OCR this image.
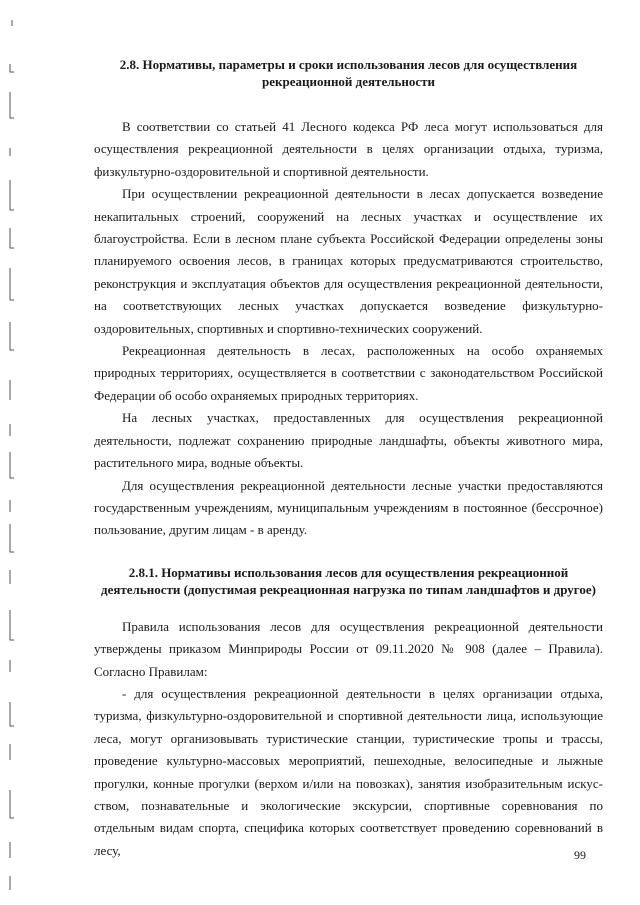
2.8. Нормативы, параметры и сроки использования лесов для осуществления рекреационной деятельности

В соответствии со статьей 41 Лесного кодекса РФ леса могут использоваться для осуществления рекреационной деятельности в целях организации отдыха, туризма, физкультурно-оздоровительной и спортивной деятельности.

При осуществлении рекреационной деятельности в лесах допускается возведение некапитальных строений, сооружений на лесных участках и осуществление их благоустройства. Если в лесном плане субъекта Российской Федерации определены зоны планируемого освоения лесов, в границах которых предусматриваются строительство, реконструкция и эксплуатация объектов для осуществления рекреационной деятельности, на соответствующих лесных участках допускается возведение физкультурно-оздоровительных, спортивных и спортивно-технических сооружений.

Рекреационная деятельность в лесах, расположенных на особо охраняемых природных территориях, осуществляется в соответствии с законодательством Российской Федерации об особо охраняемых природных территориях.

На лесных участках, предоставленных для осуществления рекреационной деятельности, подлежат сохранению природные ландшафты, объекты животного мира, растительного мира, водные объекты.

Для осуществления рекреационной деятельности лесные участки предоставляются государственным учреждениям, муниципальным учреждениям в постоянное (бессрочное) пользование, другим лицам - в аренду.

2.8.1. Нормативы использования лесов для осуществления рекреационной деятельности (допустимая рекреационная нагрузка по типам ландшафтов и другое)

Правила использования лесов для осуществления рекреационной деятельности утверждены приказом Минприроды России от 09.11.2020 № 908 (далее – Правила). Согласно Правилам:

- для осуществления рекреационной деятельности в целях организации отдыха, туризма, физкультурно-оздоровительной и спортивной деятельности лица, использующие леса, могут организовывать туристические станции, туристические тропы и трассы, проведение культурно-массовых мероприятий, пешеходные, велосипедные и лыжные прогулки, конные прогулки (верхом и/или на повозках), занятия изобразительным искус-ством, познавательные и экологические экскурсии, спортивные соревнования по отдельным видам спорта, специфика которых соответствует проведению соревнований в лесу,	99
